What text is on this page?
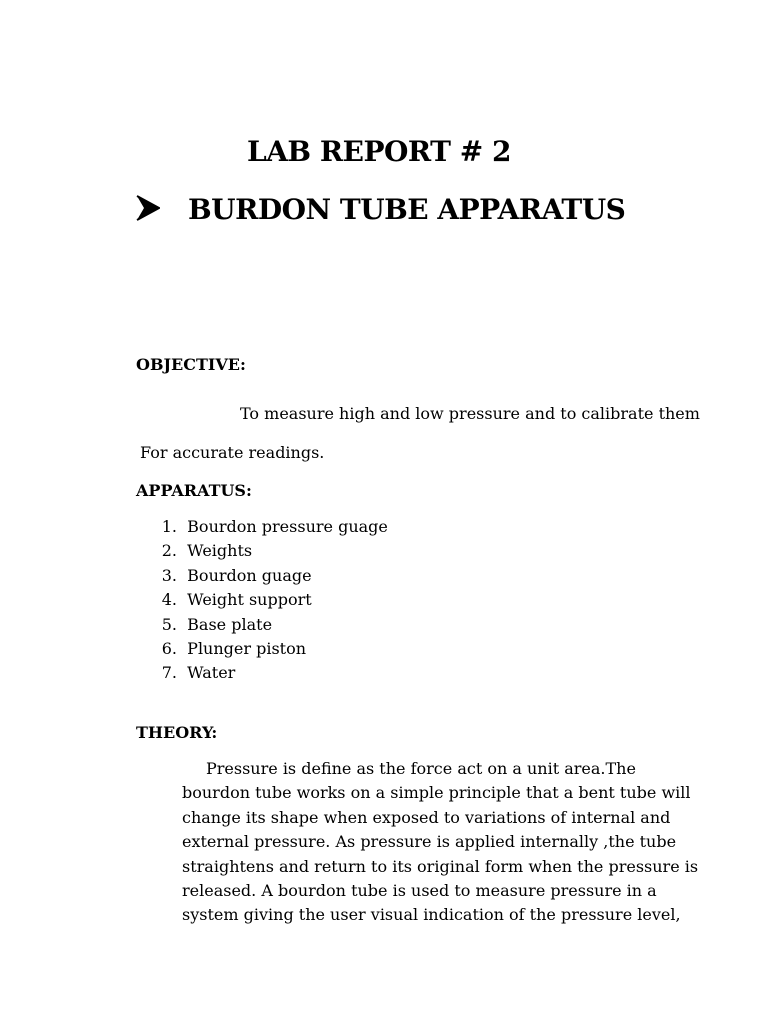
LAB REPORT # 2
BURDON TUBE APPARATUS
OBJECTIVE:
To measure high and low pressure and to calibrate them
For accurate readings.
APPARATUS:
1.
Bourdon pressure guage
2.
Weights
3.
Bourdon guage
4.
Weight support
5.
Base plate
6.
Plunger piston
7.
Water
THEORY:
Pressure is define as the force act on a unit area.The
bourdon tube works on a simple principle that a bent tube will
change its shape when exposed to variations of internal and
external pressure. As pressure is applied internally ,the tube
straightens and return to its original form when the pressure is
released. A bourdon tube is used to measure pressure in a
system giving the user visual indication of the pressure level,
